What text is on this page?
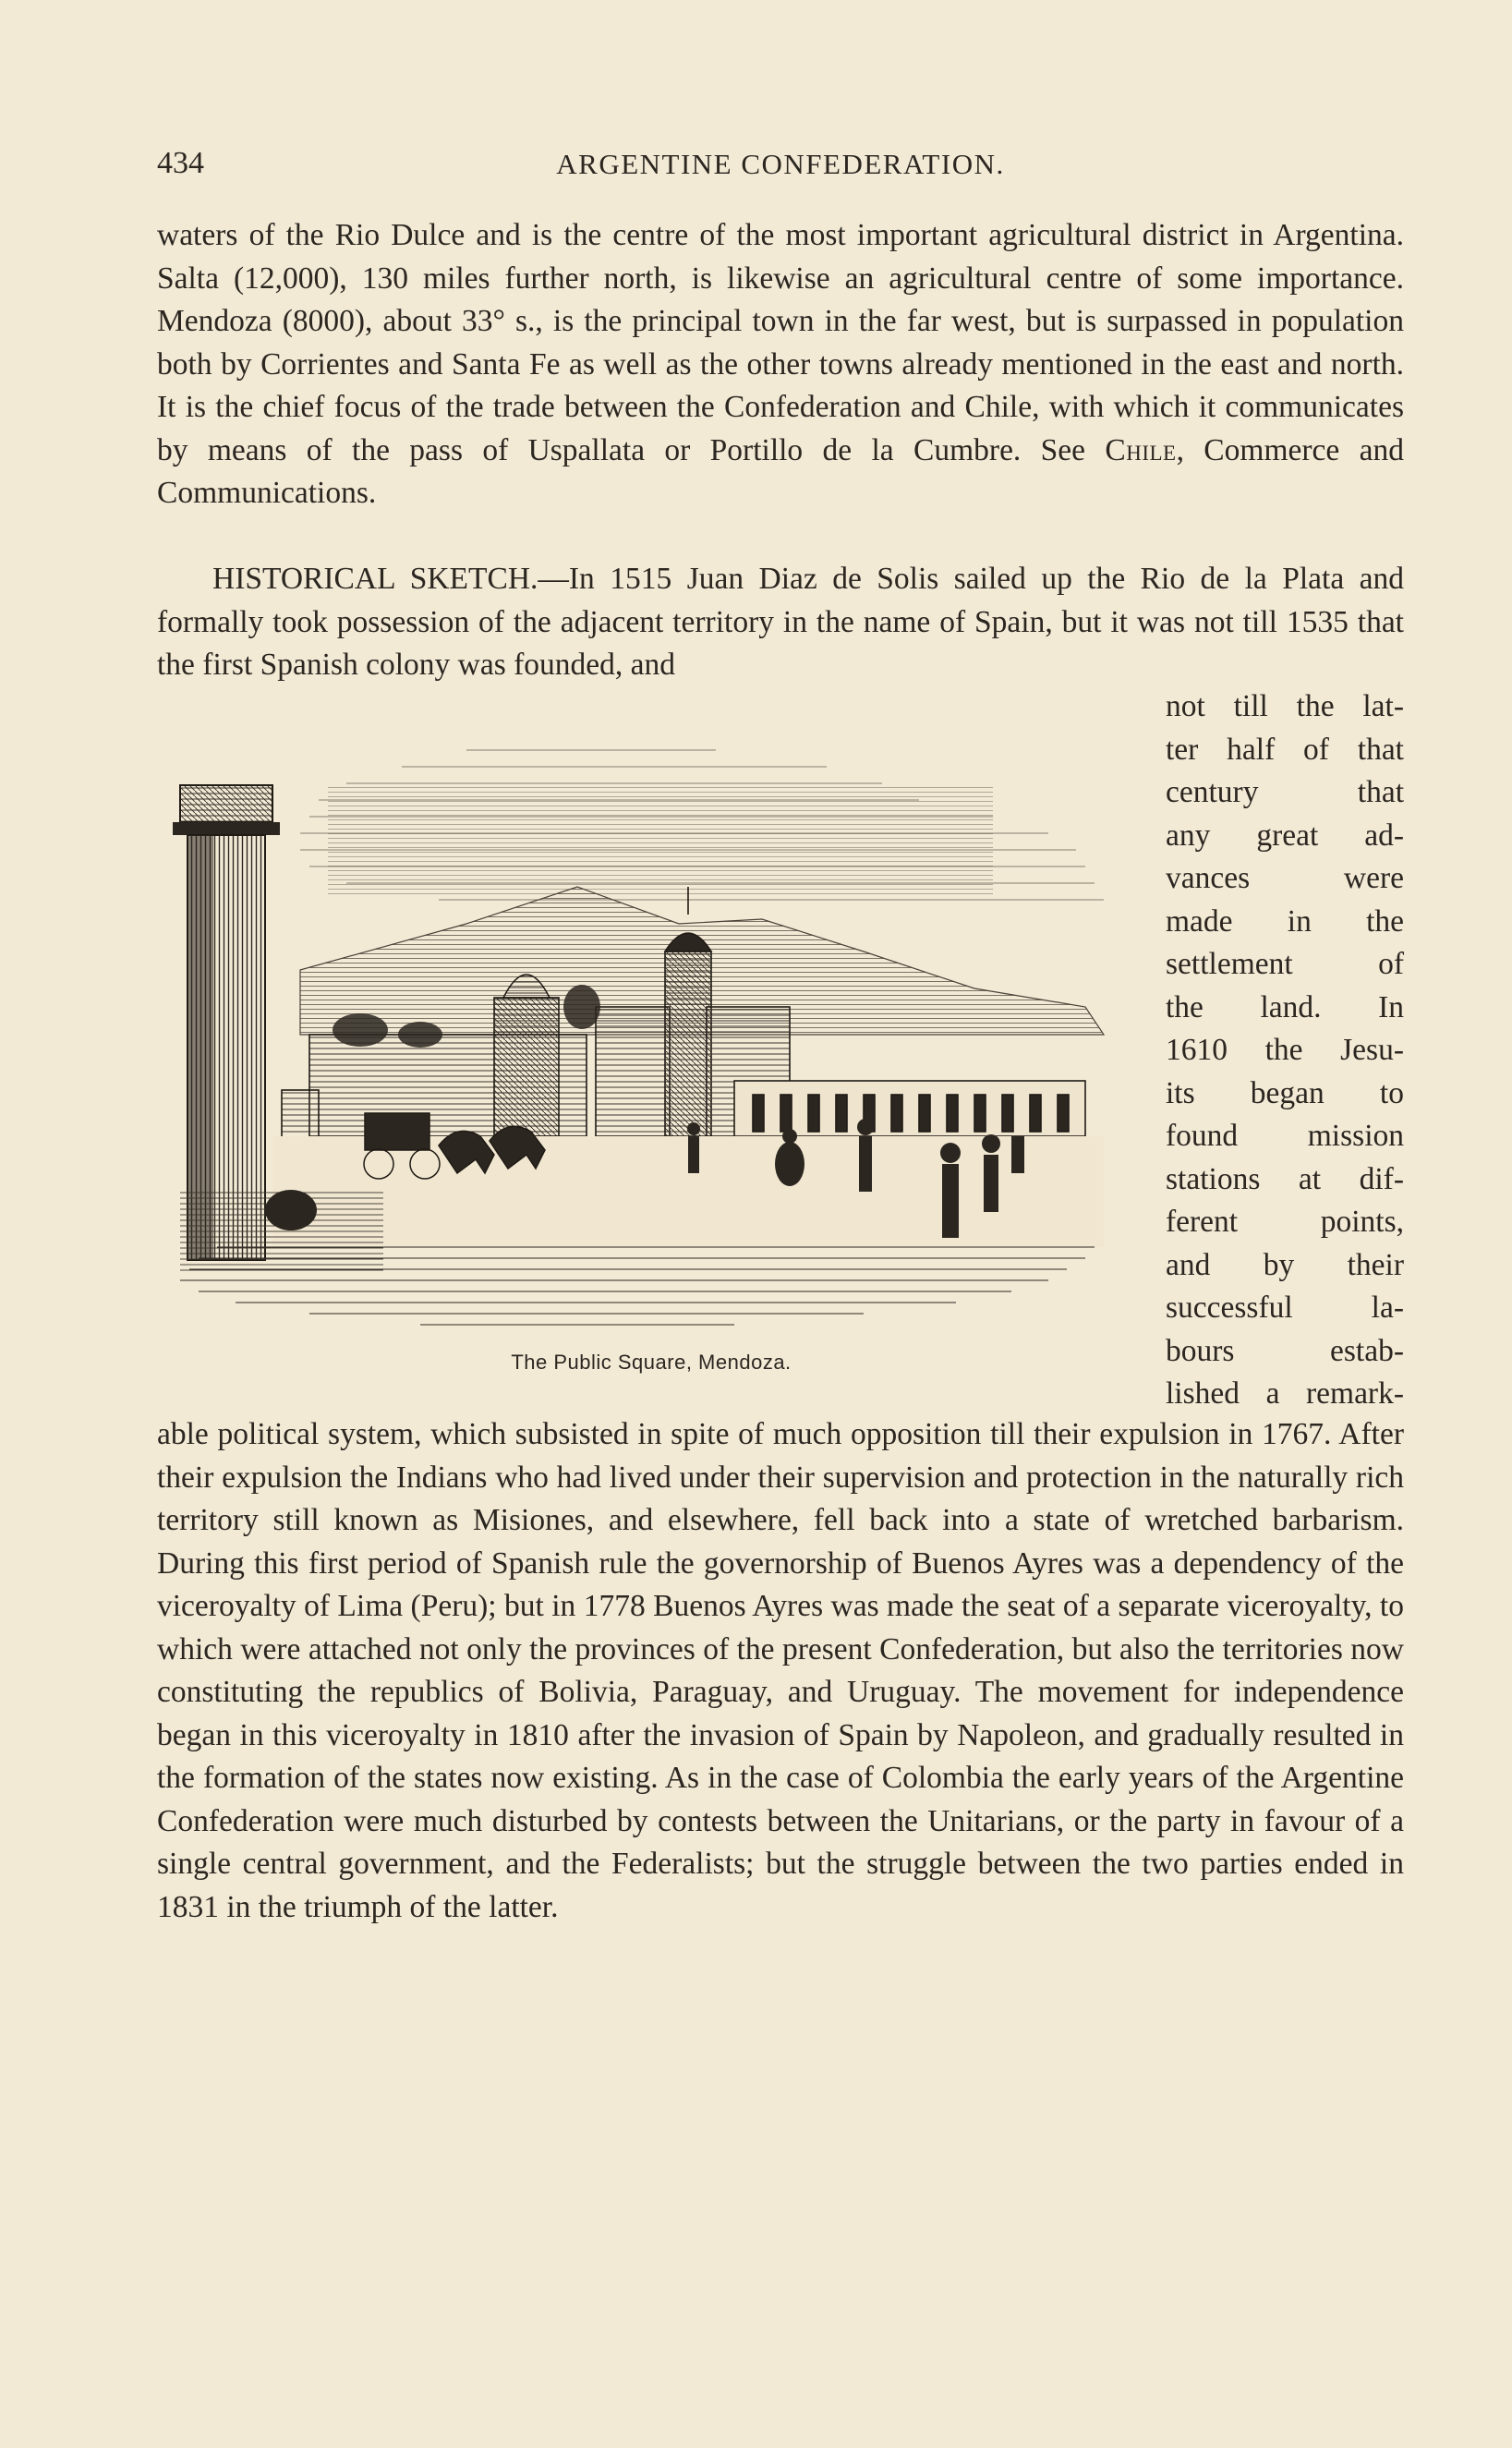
434	ARGENTINE CONFEDERATION.

waters of the Rio Dulce and is the centre of the most important agricultural district in Argentina. Salta (12,000), 130 miles further north, is likewise an agricultural centre of some importance. Mendoza (8000), about 33° s., is the principal town in the far west, but is surpassed in population both by Corrientes and Santa Fe as well as the other towns already mentioned in the east and north. It is the chief focus of the trade between the Confederation and Chile, with which it communicates by means of the pass of Uspallata or Portillo de la Cumbre. See Chile, Commerce and Communications.

HISTORICAL SKETCH.—In 1515 Juan Diaz de Solis sailed up the Rio de la Plata and formally took possession of the adjacent territory in the name of Spain, but it was not till 1535 that the first Spanish colony was founded, and

not till the lat-
ter half of that
century that
any great ad-
vances were
made in the
settlement of
the land. In
1610 the Jesu-
its began to
found mission
stations at dif-
ferent points,
and by their
successful la-
bours estab-
lished a remark-
The Public Square, Mendoza.

able political system, which subsisted in spite of much opposition till their expulsion in 1767. After their expulsion the Indians who had lived under their supervision and protection in the naturally rich territory still known as Misiones, and elsewhere, fell back into a state of wretched barbarism. During this first period of Spanish rule the governorship of Buenos Ayres was a dependency of the viceroyalty of Lima (Peru); but in 1778 Buenos Ayres was made the seat of a separate viceroyalty, to which were attached not only the provinces of the present Confederation, but also the territories now constituting the republics of Bolivia, Paraguay, and Uruguay. The movement for independence began in this viceroyalty in 1810 after the invasion of Spain by Napoleon, and gradually resulted in the formation of the states now existing. As in the case of Colombia the early years of the Argentine Confederation were much disturbed by contests between the Unitarians, or the party in favour of a single central government, and the Federalists; but the struggle between the two parties ended in 1831 in the triumph of the latter.
